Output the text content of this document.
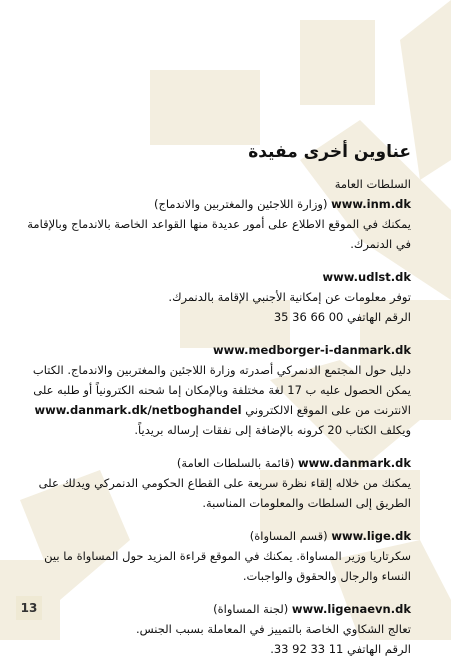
13
عناوين أخرى مفيدة

السلطات العامة

www.inm.dk (وزارة اللاجئين والمغتربين والاندماج)

يمكنك في الموقع الاطلاع على أمور عديدة منها القواعد الخاصة بالاندماج وبالإقامة في الدنمرك.

www.udlst.dk

توفر معلومات عن إمكانية الأجنبي الإقامة بالدنمرك.

الرقم الهاتفي 00 66 36 35

www.medborger-i-danmark.dk

دليل حول المجتمع الدنمركي أصدرته وزارة اللاجئين والمغتربين والاندماج. الكتاب يمكن الحصول عليه ب 17 لغة مختلفة وبالإمكان إما شحنه الكترونياً أو طلبه على الانترنت من على الموقع الالكتروني www.danmark.dk/netboghandel ويكلف الكتاب 20 كرونه بالإضافة إلى نفقات إرساله بريدياً.

www.danmark.dk (قائمة بالسلطات العامة)

يمكنك من خلاله إلقاء نظرة سريعة على القطاع الحكومي الدنمركي ويدلك على الطريق إلى السلطات والمعلومات المناسبة.

www.lige.dk (قسم المساواة)

سكرتاريا وزير المساواة. يمكنك في الموقع قراءة المزيد حول المساواة ما بين النساء والرجال والحقوق والواجبات.

www.ligenaevn.dk (لجنة المساواة)

تعالج الشكاوي الخاصة بالتمييز في المعاملة بسبب الجنس.

الرقم الهاتفي 11 33 92 33.
